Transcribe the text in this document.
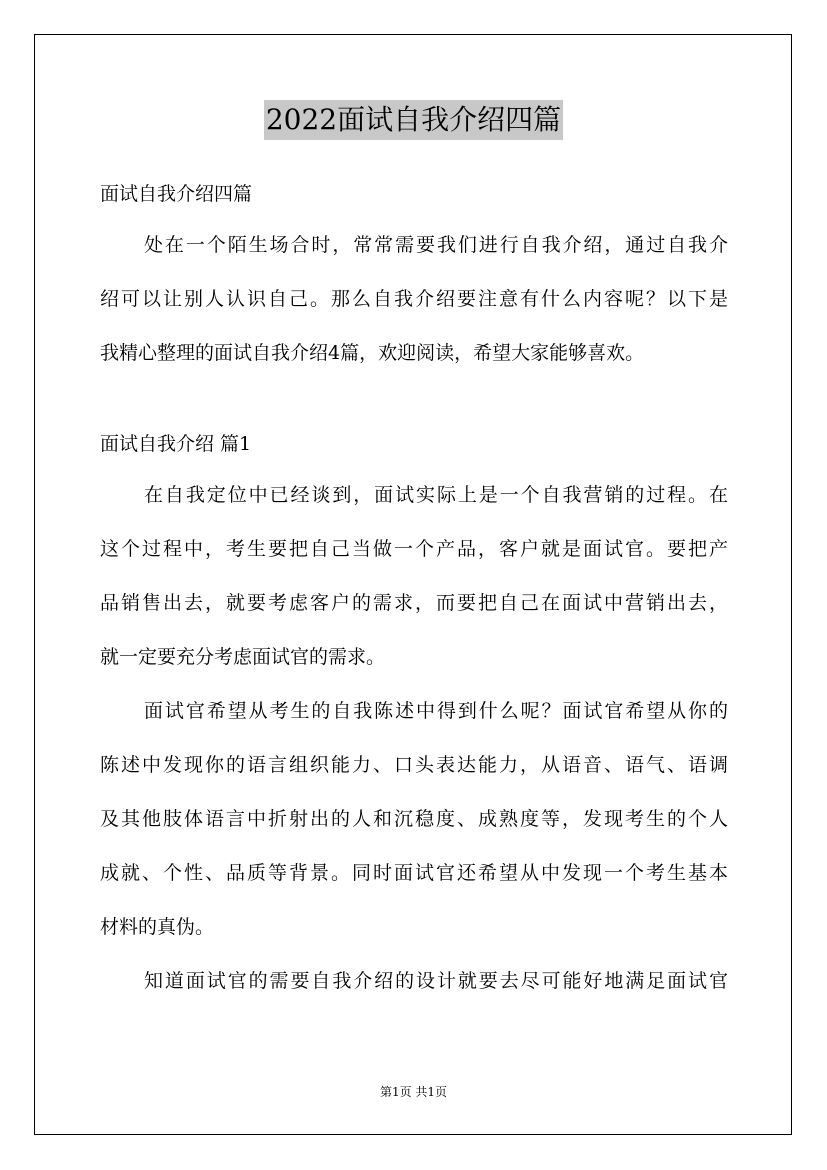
2022面试自我介绍四篇
面试自我介绍四篇
处在一个陌生场合时，常常需要我们进行自我介绍，通过自我介
绍可以让别人认识自己。那么自我介绍要注意有什么内容呢？以下是
我精心整理的面试自我介绍4篇，欢迎阅读，希望大家能够喜欢。
面试自我介绍 篇1
在自我定位中已经谈到，面试实际上是一个自我营销的过程。在
这个过程中，考生要把自己当做一个产品，客户就是面试官。要把产
品销售出去，就要考虑客户的需求，而要把自己在面试中营销出去，
就一定要充分考虑面试官的需求。
面试官希望从考生的自我陈述中得到什么呢？面试官希望从你的
陈述中发现你的语言组织能力、口头表达能力，从语音、语气、语调
及其他肢体语言中折射出的人和沉稳度、成熟度等，发现考生的个人
成就、个性、品质等背景。同时面试官还希望从中发现一个考生基本
材料的真伪。
知道面试官的需要自我介绍的设计就要去尽可能好地满足面试官
第1页 共1页
